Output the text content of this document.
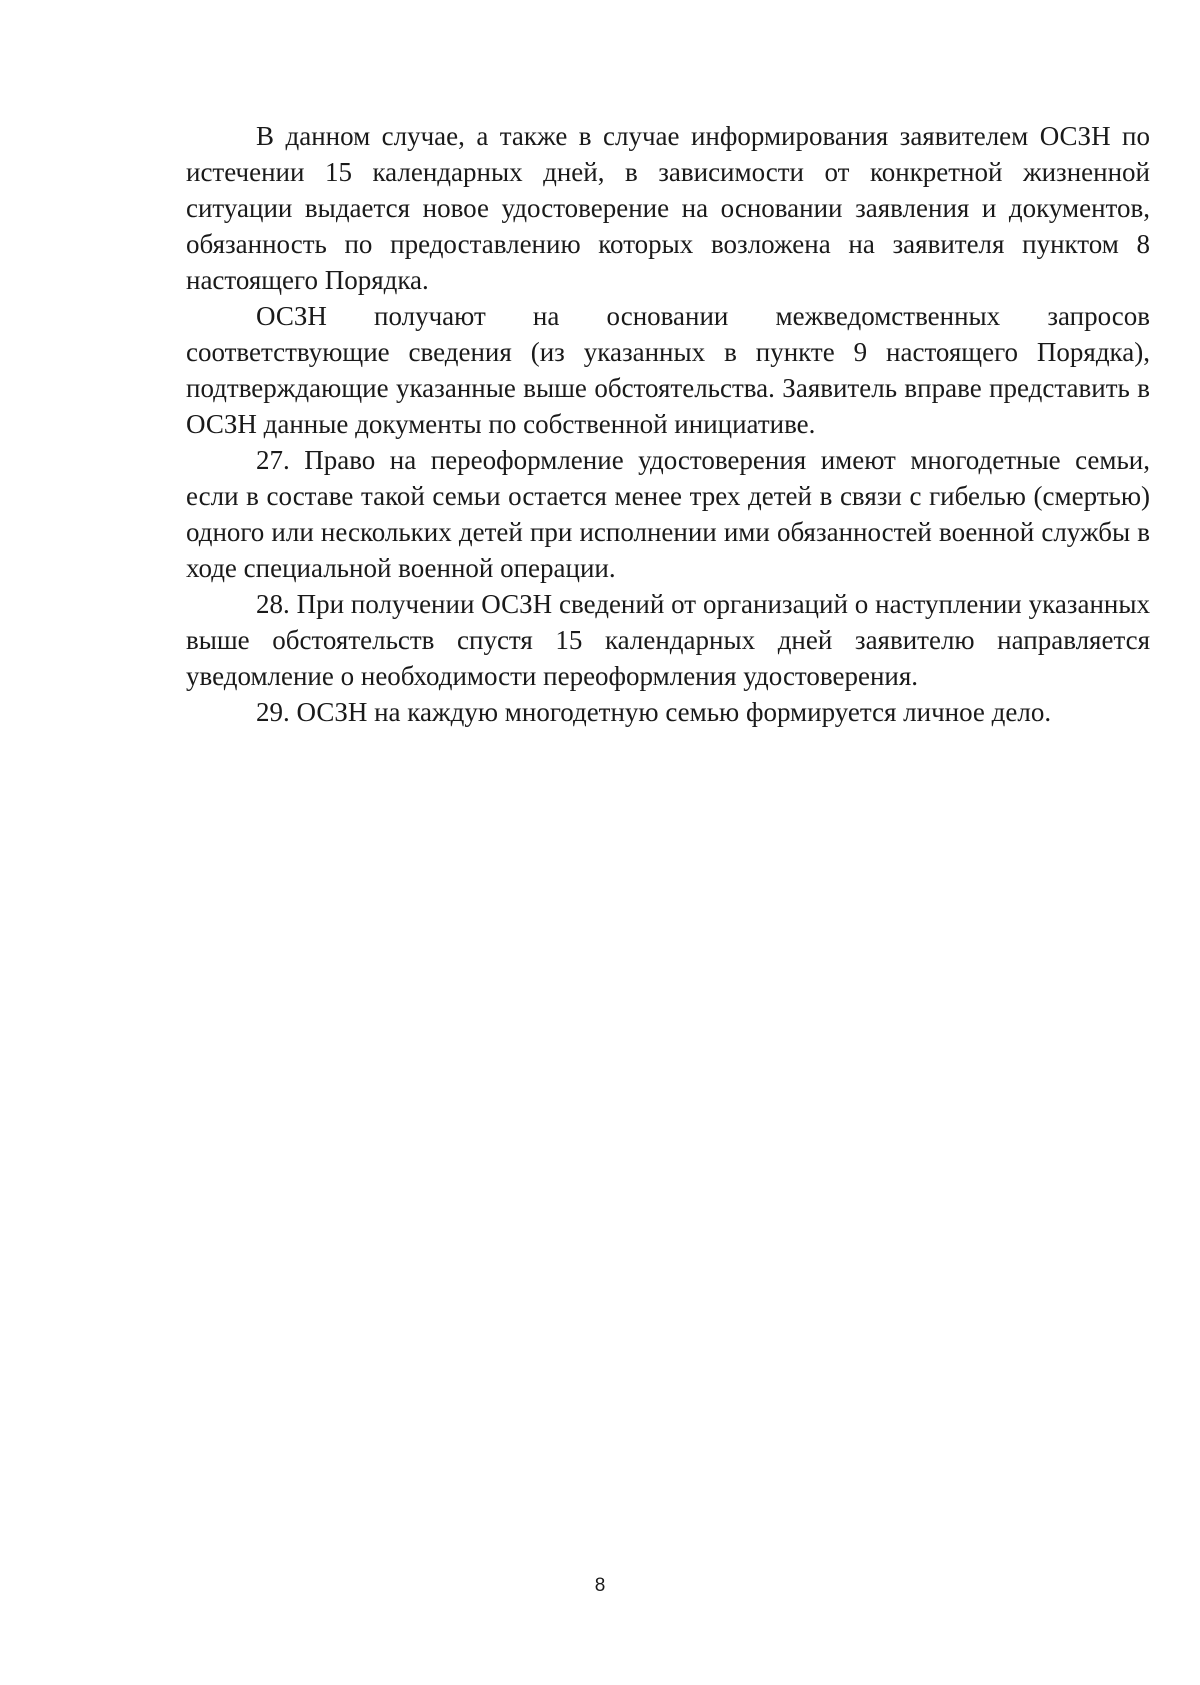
В данном случае, а также в случае информирования заявителем ОСЗН по истечении 15 календарных дней, в зависимости от конкретной жизненной ситуации выдается новое удостоверение на основании заявления и документов, обязанность по предоставлению которых возложена на заявителя пунктом 8 настоящего Порядка.

ОСЗН получают на основании межведомственных запросов соответствующие сведения (из указанных в пункте 9 настоящего Порядка), подтверждающие указанные выше обстоятельства. Заявитель вправе представить в ОСЗН данные документы по собственной инициативе.

27. Право на переоформление удостоверения имеют многодетные семьи, если в составе такой семьи остается менее трех детей в связи с гибелью (смертью) одного или нескольких детей при исполнении ими обязанностей военной службы в ходе специальной военной операции.

28. При получении ОСЗН сведений от организаций о наступлении указанных выше обстоятельств спустя 15 календарных дней заявителю направляется уведомление о необходимости переоформления удостоверения.

29. ОСЗН на каждую многодетную семью формируется личное дело.

8
